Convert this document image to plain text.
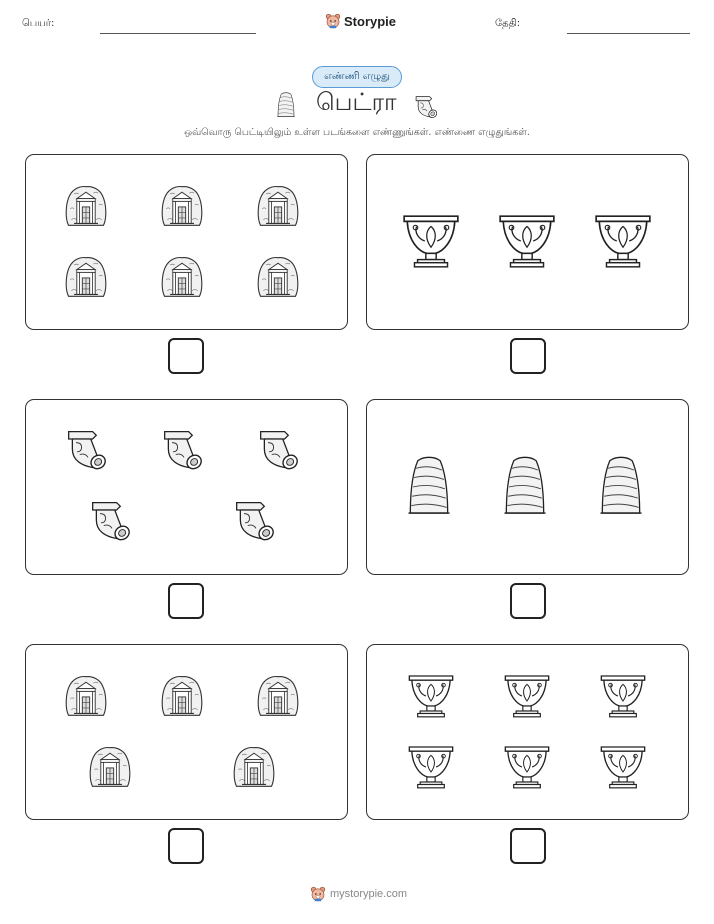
பெயர்:	Storypie	தேதி:
எண்ணி எழுது
பெட்ரா
ஒவ்வொரு பெட்டியிலும் உள்ள படங்களை எண்ணுங்கள். எண்ணை எழுதுங்கள்.
mystorypie.com
